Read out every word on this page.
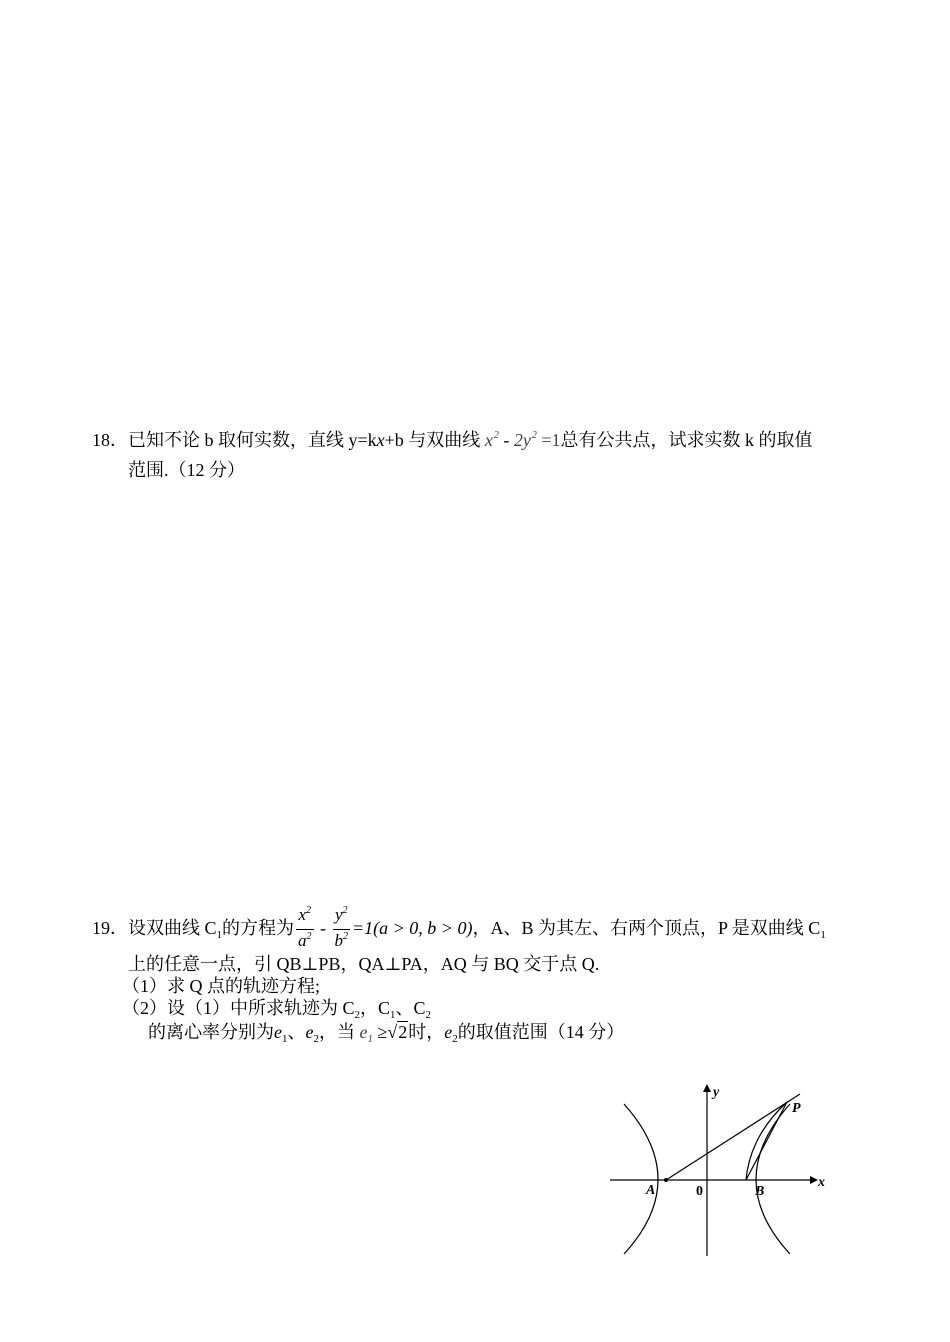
18．已知不论 b 取何实数，直线 y=kx+b 与双曲线 $x^2 - 2y^2 =1$总有公共点，试求实数 k 的取值
范围.（12 分）
19．设双曲线 $C_1$的方程为 $\frac{x^2}{a^2} - \frac{y^2}{b^2} =1(a > 0$, b > 0)，A、B 为其左、右两个顶点，P 是双曲线 $C_1$
上的任意一点，引 QB⊥PB，QA⊥PA，AQ 与 BQ 交于点 Q.
（1）求 Q 点的轨迹方程;
（2）设（1）中所求轨迹为 $C_2$，$C_1$、$C_2$
的离心率分别为$e_1$、$e_2$，当 $e_1 \ge√2$时，$e_2$的取值范围（14 分）
y
x
A	0	B
P
